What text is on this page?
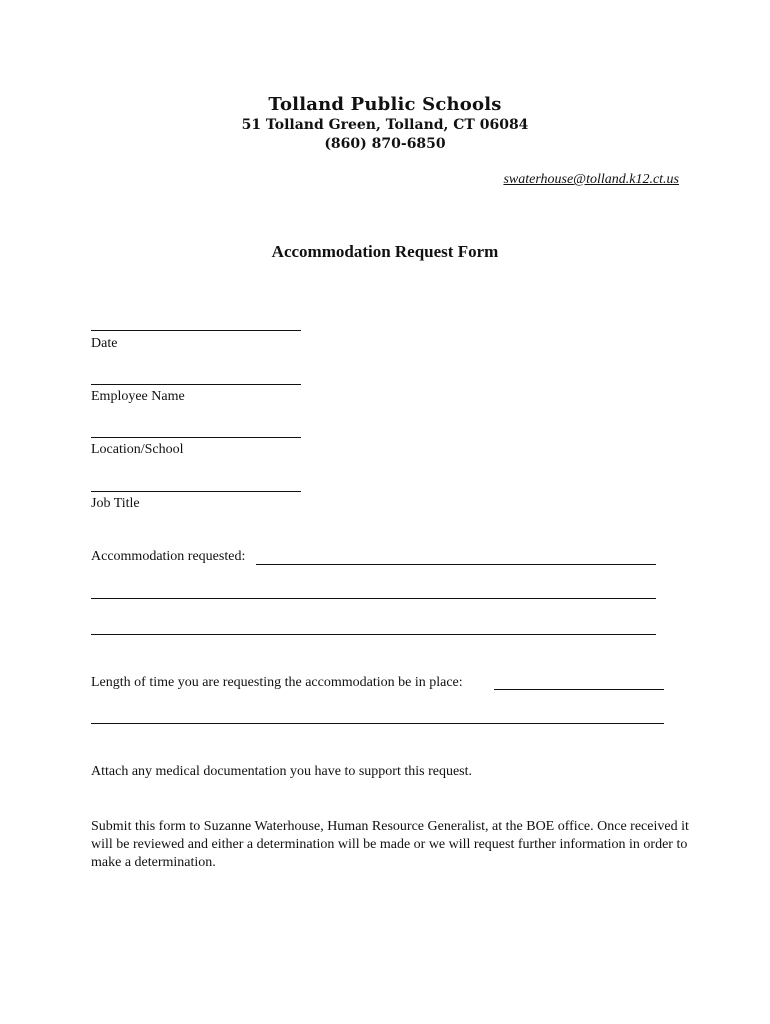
Tolland Public Schools
51 Tolland Green, Tolland, CT 06084
(860) 870-6850
swaterhouse@tolland.k12.ct.us
Accommodation Request Form
Date
Employee Name
Location/School
Job Title
Accommodation requested:
Length of time you are requesting the accommodation be in place:
Attach any medical documentation you have to support this request.
Submit this form to Suzanne Waterhouse, Human Resource Generalist, at the BOE office. Once received it will be reviewed and either a determination will be made or we will request further information in order to make a determination.
